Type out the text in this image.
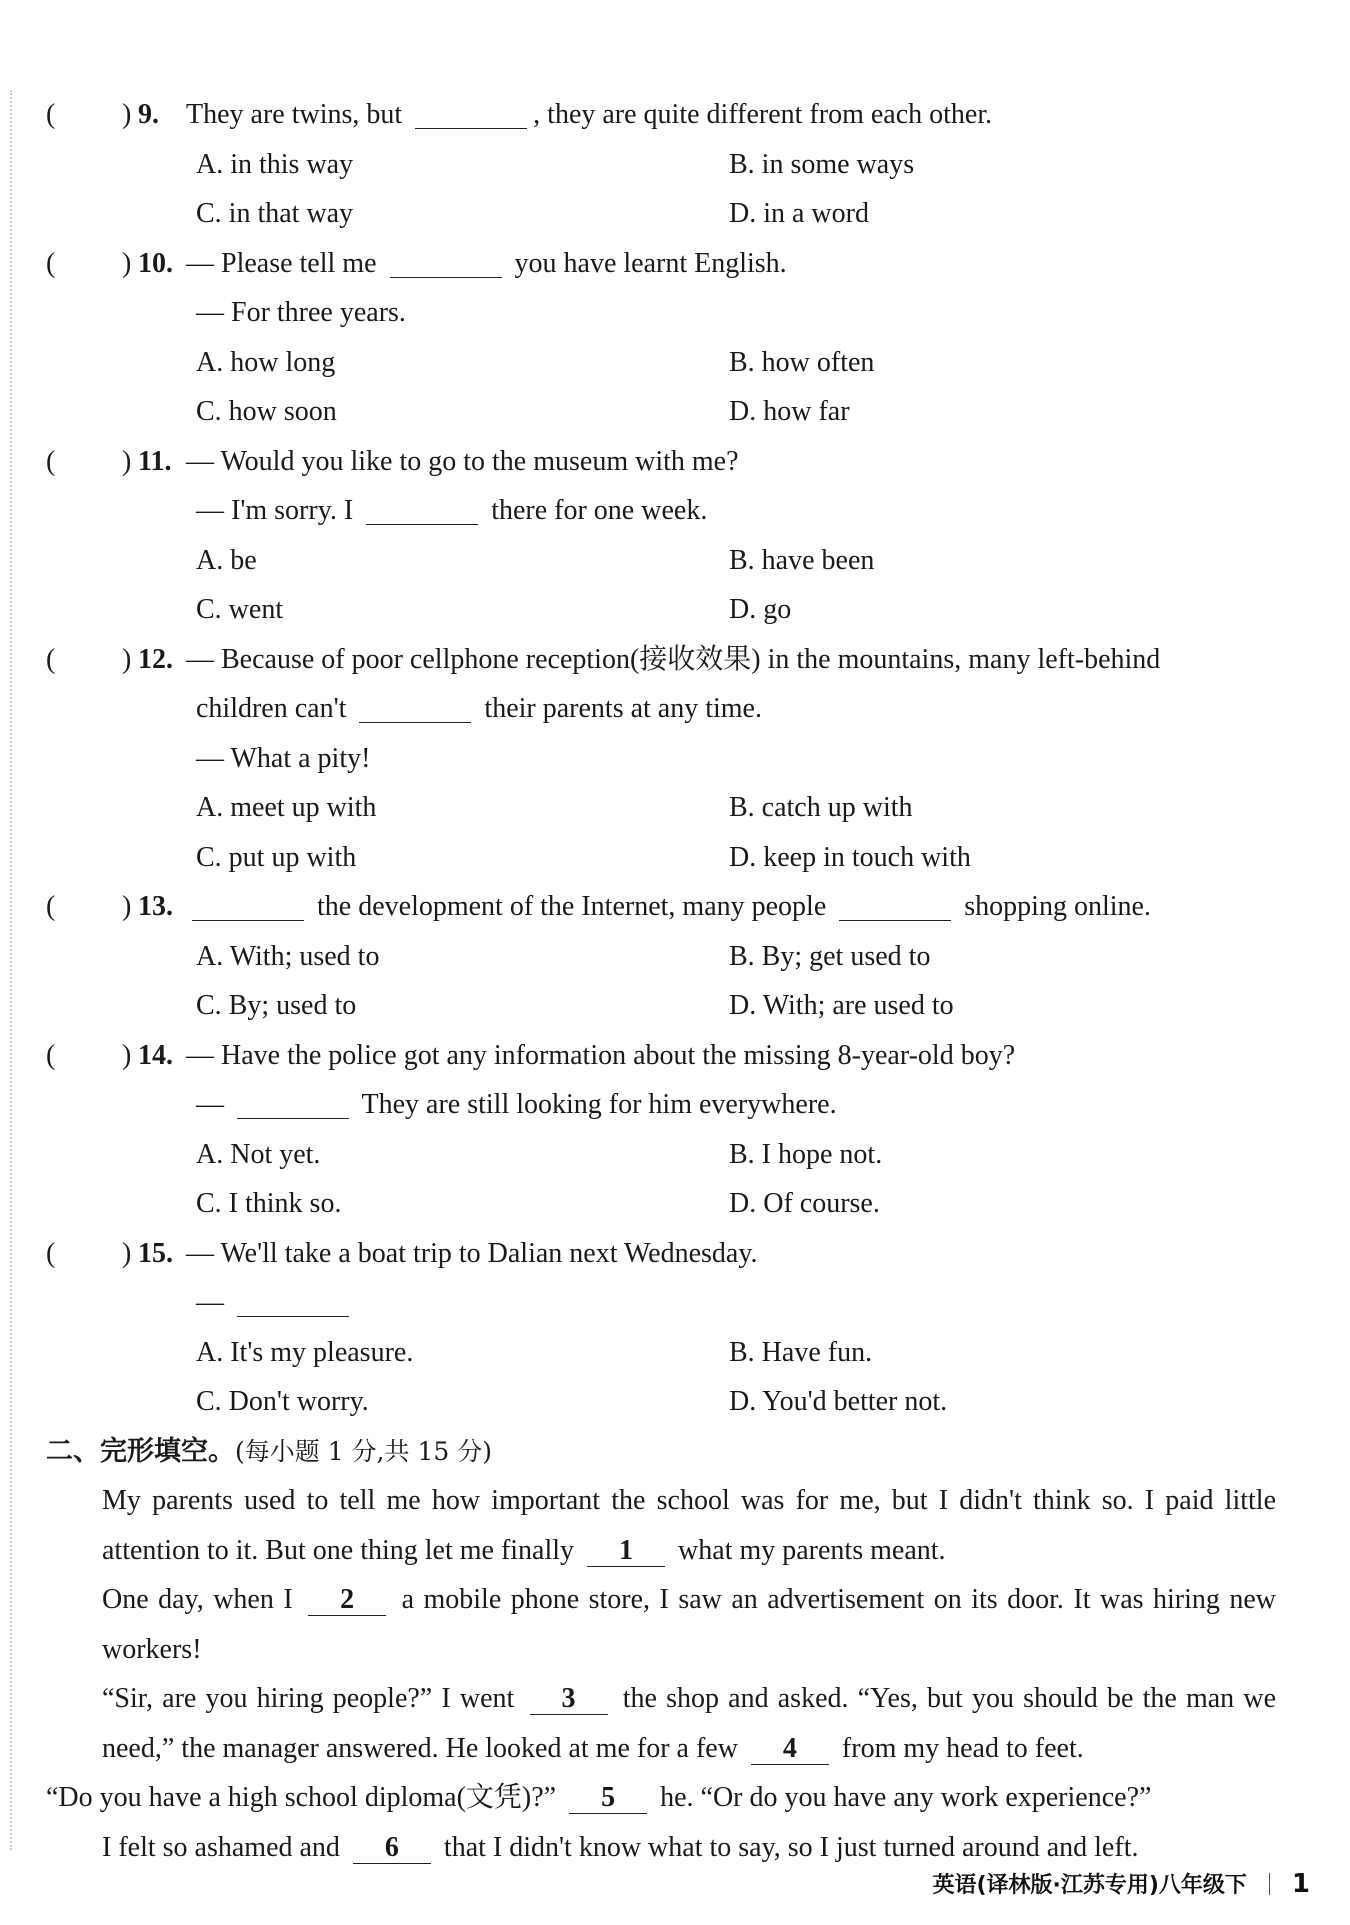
( ) 9. They are twins, but	, they are quite different from each other.
A. in this way	B. in some ways
C. in that way	D. in a word
( ) 10. — Please tell me	you have learnt English.
— For three years.
A. how long	B. how often
C. how soon	D. how far
( ) 11. — Would you like to go to the museum with me?
— I'm sorry. I	there for one week.
A. be	B. have been
C. went	D. go
( ) 12. — Because of poor cellphone reception(接收效果) in the mountains, many left-behind
children can't	their parents at any time.
— What a pity!
A. meet up with	B. catch up with
C. put up with	D. keep in touch with
( ) 13.	the development of the Internet, many people	shopping online.
A. With; used to	B. By; get used to
C. By; used to	D. With; are used to
( ) 14. — Have the police got any information about the missing 8-year-old boy?
—	They are still looking for him everywhere.
A. Not yet.	B. I hope not.
C. I think so.	D. Of course.
( ) 15. — We'll take a boat trip to Dalian next Wednesday.
—
A. It's my pleasure.	B. Have fun.
C. Don't worry.	D. You'd better not.
二、完形填空。(每小题 1 分,共 15 分)
My parents used to tell me how important the school was for me, but I didn't think so. I paid little attention to it. But one thing let me finally 1 what my parents meant.
One day, when I 2 a mobile phone store, I saw an advertisement on its door. It was hiring new workers!
“Sir, are you hiring people?” I went 3 the shop and asked. “Yes, but you should be the man we need,” the manager answered. He looked at me for a few 4 from my head to feet.
“Do you have a high school diploma(文凭)?” 5 he. “Or do you have any work experience?”
I felt so ashamed and 6 that I didn't know what to say, so I just turned around and left.
英语(译林版·江苏专用)八年级下 1
